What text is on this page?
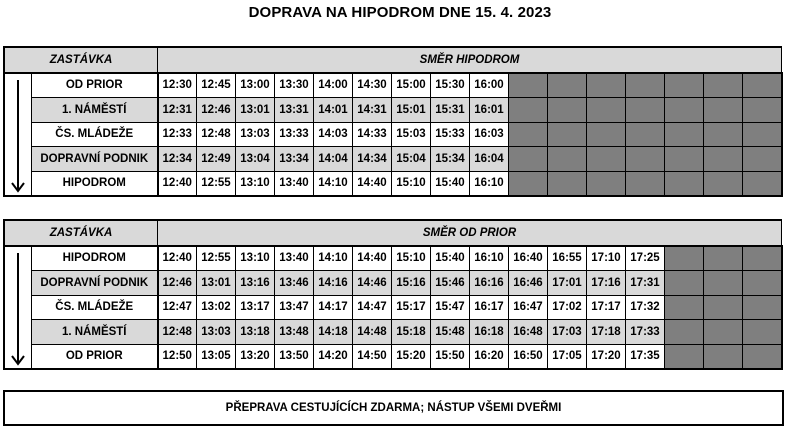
DOPRAVA NA HIPODROM DNE 15. 4. 2023
ZASTÁVKA		SMĚR HIPODROM															

	OD PRIOR	12:30	12:45	13:00	13:30	14:00	14:30	15:00	15:30	16:00							
	1. NÁMĚSTÍ	12:31	12:46	13:01	13:31	14:01	14:31	15:01	15:31	16:01							
	ČS. MLÁDEŽE	12:33	12:48	13:03	13:33	14:03	14:33	15:03	15:33	16:03							
	DOPRAVNÍ PODNIK	12:34	12:49	13:04	13:34	14:04	14:34	15:04	15:34	16:04							
	HIPODROM	12:40	12:55	13:10	13:40	14:10	14:40	15:10	15:40	16:10							
ZASTÁVKA		SMĚR OD PRIOR															

	HIPODROM	12:40	12:55	13:10	13:40	14:10	14:40	15:10	15:40	16:10	16:40	16:55	17:10	17:25			
	DOPRAVNÍ PODNIK	12:46	13:01	13:16	13:46	14:16	14:46	15:16	15:46	16:16	16:46	17:01	17:16	17:31			
	ČS. MLÁDEŽE	12:47	13:02	13:17	13:47	14:17	14:47	15:17	15:47	16:17	16:47	17:02	17:17	17:32			
	1. NÁMĚSTÍ	12:48	13:03	13:18	13:48	14:18	14:48	15:18	15:48	16:18	16:48	17:03	17:18	17:33			
	OD PRIOR	12:50	13:05	13:20	13:50	14:20	14:50	15:20	15:50	16:20	16:50	17:05	17:20	17:35			
PŘEPRAVA CESTUJÍCÍCH ZDARMA; NÁSTUP VŠEMI DVEŘMI
